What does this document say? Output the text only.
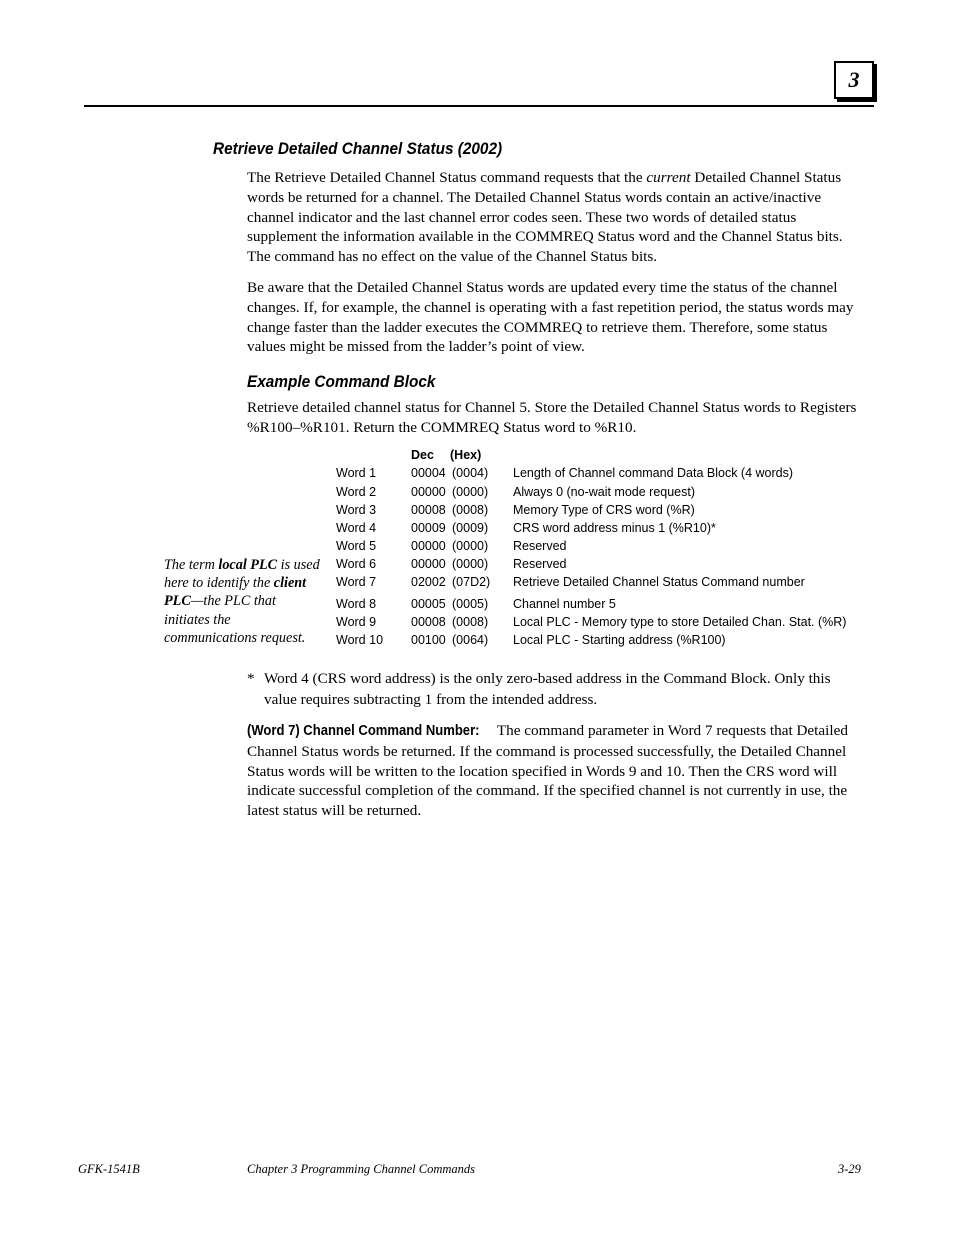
3
Retrieve Detailed Channel Status (2002)

The Retrieve Detailed Channel Status command requests that the current Detailed Channel Status words be returned for a channel. The Detailed Channel Status words contain an active/inactive channel indicator and the last channel error codes seen. These two words of detailed status supplement the information available in the COMMREQ Status word and the Channel Status bits. The command has no effect on the value of the Channel Status bits.

Be aware that the Detailed Channel Status words are updated every time the status of the channel changes. If, for example, the channel is operating with a fast repetition period, the status words may change faster than the ladder executes the COMMREQ to retrieve them. Therefore, some status values might be missed from the ladder’s point of view.

Example Command Block

Retrieve detailed channel status for Channel 5. Store the Detailed Channel Status words to Registers %R100–%R101. Return the COMMREQ Status word to %R10.

Dec (Hex)
Word 1	00004 (0004) Length of Channel command Data Block (4 words)
Word 2	00000 (0000) Always 0 (no-wait mode request)
Word 3	00008 (0008) Memory Type of CRS word (%R)
Word 4	00009 (0009) CRS word address minus 1 (%R10)*
Word 5	00000 (0000) Reserved
Word 6	00000 (0000) Reserved
Word 7	02002 (07D2) Retrieve Detailed Channel Status Command number
Word 8	00005 (0005) Channel number 5
Word 9	00008 (0008) Local PLC - Memory type to store Detailed Chan. Stat. (%R)
Word 10 00100 (0064) Local PLC - Starting address (%R100)
The term local PLC is used here to identify the client PLC—the PLC that initiates the communications request.
* Word 4 (CRS word address) is the only zero-based address in the Command Block. Only this value requires subtracting 1 from the intended address.

(Word 7) Channel Command Number: The command parameter in Word 7 requests that Detailed Channel Status words be returned. If the command is processed successfully, the Detailed Channel Status words will be written to the location specified in Words 9 and 10. Then the CRS word will indicate successful completion of the command. If the specified channel is not currently in use, the latest status will be returned.

GFK-1541B	Chapter 3 Programming Channel Commands	3-29
